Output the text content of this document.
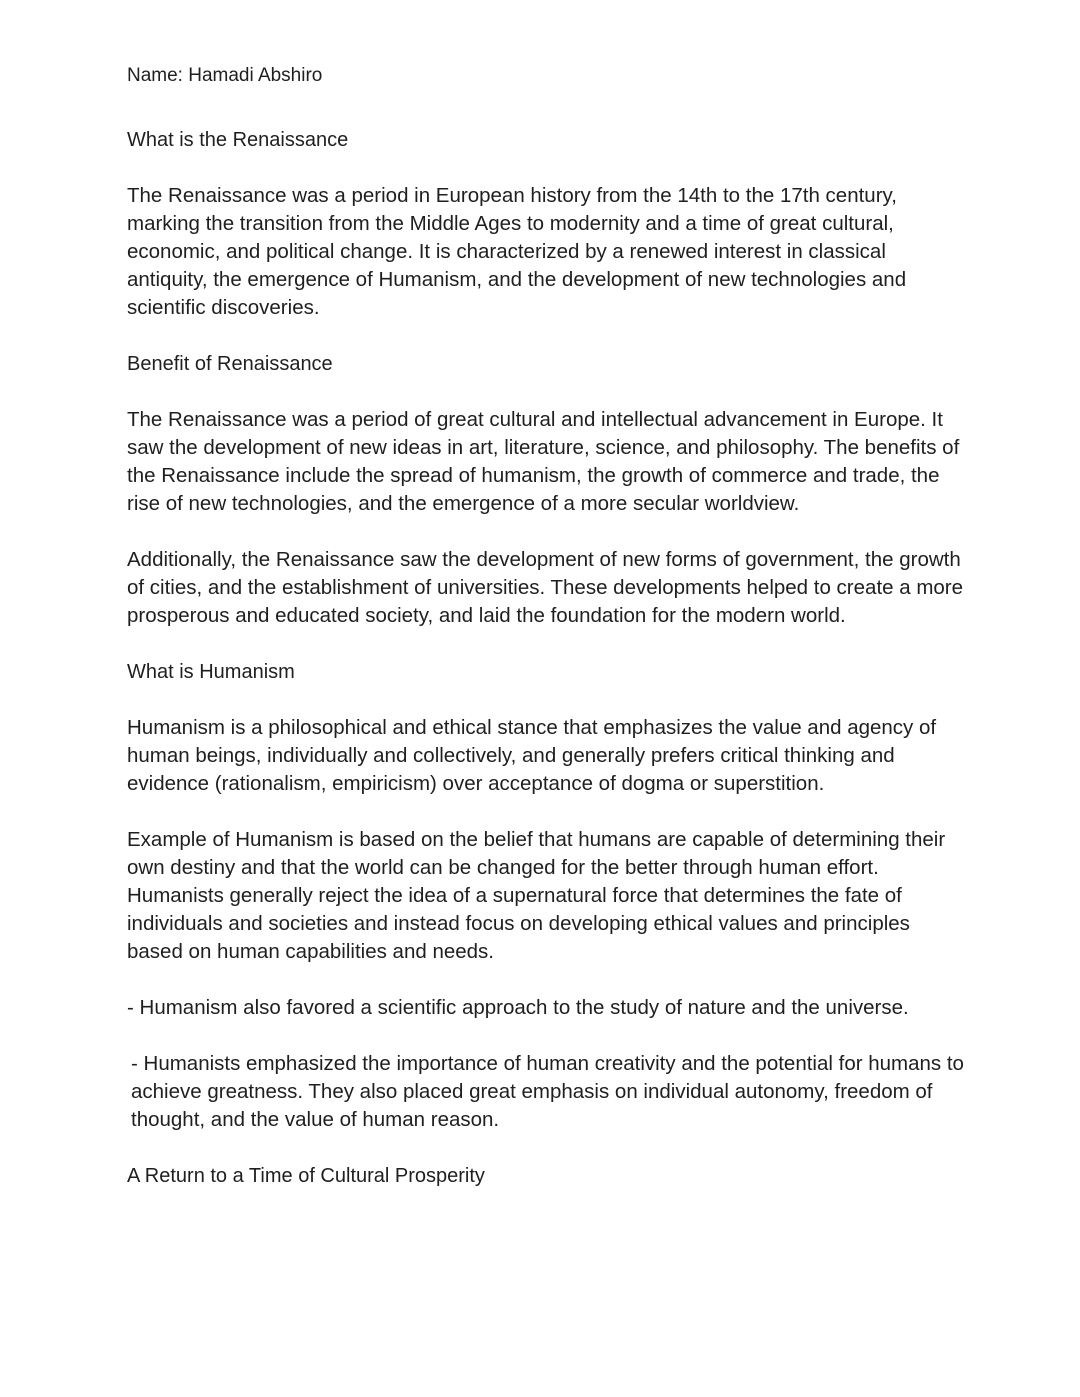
Name: Hamadi Abshiro
What is the Renaissance

The Renaissance was a period in European history from the 14th to the 17th century, marking the transition from the Middle Ages to modernity and a time of great cultural, economic, and political change. It is characterized by a renewed interest in classical antiquity, the emergence of Humanism, and the development of new technologies and scientific discoveries.

Benefit of Renaissance

The Renaissance was a period of great cultural and intellectual advancement in Europe. It saw the development of new ideas in art, literature, science, and philosophy. The benefits of the Renaissance include the spread of humanism, the growth of commerce and trade, the rise of new technologies, and the emergence of a more secular worldview.

Additionally, the Renaissance saw the development of new forms of government, the growth of cities, and the establishment of universities. These developments helped to create a more prosperous and educated society, and laid the foundation for the modern world.

What is Humanism

Humanism is a philosophical and ethical stance that emphasizes the value and agency of human beings, individually and collectively, and generally prefers critical thinking and evidence (rationalism, empiricism) over acceptance of dogma or superstition.

Example of Humanism is based on the belief that humans are capable of determining their own destiny and that the world can be changed for the better through human effort. Humanists generally reject the idea of a supernatural force that determines the fate of individuals and societies and instead focus on developing ethical values and principles based on human capabilities and needs.

- Humanism also favored a scientific approach to the study of nature and the universe.

- Humanists emphasized the importance of human creativity and the potential for humans to achieve greatness. They also placed great emphasis on individual autonomy, freedom of thought, and the value of human reason.

A Return to a Time of Cultural Prosperity
